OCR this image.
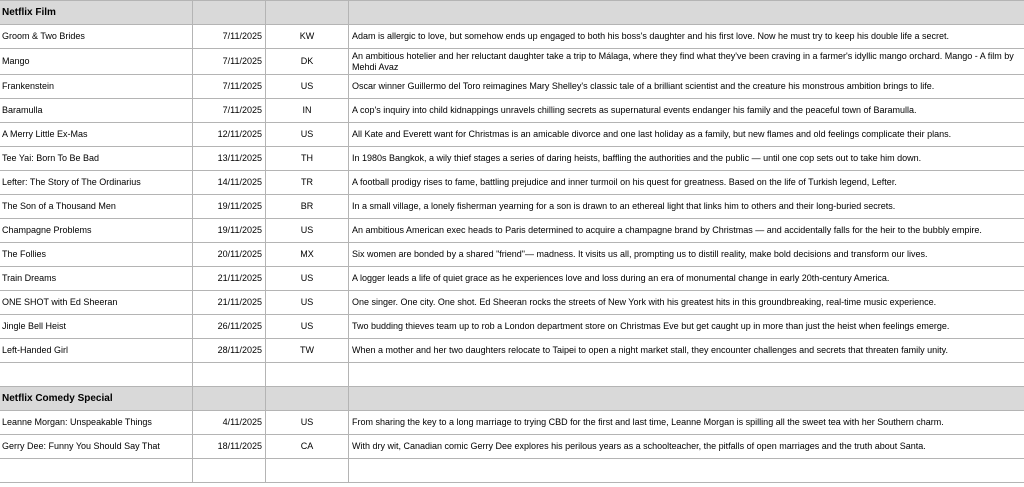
Netflix Film			
Groom & Two Brides	7/11/2025	KW	Adam is allergic to love, but somehow ends up engaged to both his boss's daughter and his first love. Now he must try to keep his double life a secret.
Mango	7/11/2025	DK	An ambitious hotelier and her reluctant daughter take a trip to Málaga, where they find what they've been craving in a farmer's idyllic mango orchard. Mango - A film by Mehdi Avaz
Frankenstein	7/11/2025	US	Oscar winner Guillermo del Toro reimagines Mary Shelley's classic tale of a brilliant scientist and the creature his monstrous ambition brings to life.
Baramulla	7/11/2025	IN	A cop's inquiry into child kidnappings unravels chilling secrets as supernatural events endanger his family and the peaceful town of Baramulla.
A Merry Little Ex-Mas	12/11/2025	US	All Kate and Everett want for Christmas is an amicable divorce and one last holiday as a family, but new flames and old feelings complicate their plans.
Tee Yai: Born To Be Bad	13/11/2025	TH	In 1980s Bangkok, a wily thief stages a series of daring heists, baffling the authorities and the public — until one cop sets out to take him down.
Lefter: The Story of The Ordinarius	14/11/2025	TR	A football prodigy rises to fame, battling prejudice and inner turmoil on his quest for greatness. Based on the life of Turkish legend, Lefter.
The Son of a Thousand Men	19/11/2025	BR	In a small village, a lonely fisherman yearning for a son is drawn to an ethereal light that links him to others and their long-buried secrets.
Champagne Problems	19/11/2025	US	An ambitious American exec heads to Paris determined to acquire a champagne brand by Christmas — and accidentally falls for the heir to the bubbly empire.
The Follies	20/11/2025	MX	Six women are bonded by a shared "friend"— madness. It visits us all, prompting us to distill reality, make bold decisions and transform our lives.
Train Dreams	21/11/2025	US	A logger leads a life of quiet grace as he experiences love and loss during an era of monumental change in early 20th-century America.
ONE SHOT with Ed Sheeran	21/11/2025	US	One singer. One city. One shot. Ed Sheeran rocks the streets of New York with his greatest hits in this groundbreaking, real-time music experience.
Jingle Bell Heist	26/11/2025	US	Two budding thieves team up to rob a London department store on Christmas Eve but get caught up in more than just the heist when feelings emerge.
Left-Handed Girl	28/11/2025	TW	When a mother and her two daughters relocate to Taipei to open a night market stall, they encounter challenges and secrets that threaten family unity.

Netflix Comedy Special			
Leanne Morgan: Unspeakable Things	4/11/2025	US	From sharing the key to a long marriage to trying CBD for the first and last time, Leanne Morgan is spilling all the sweet tea with her Southern charm.
Gerry Dee: Funny You Should Say That	18/11/2025	CA	With dry wit, Canadian comic Gerry Dee explores his perilous years as a schoolteacher, the pitfalls of open marriages and the truth about Santa.
